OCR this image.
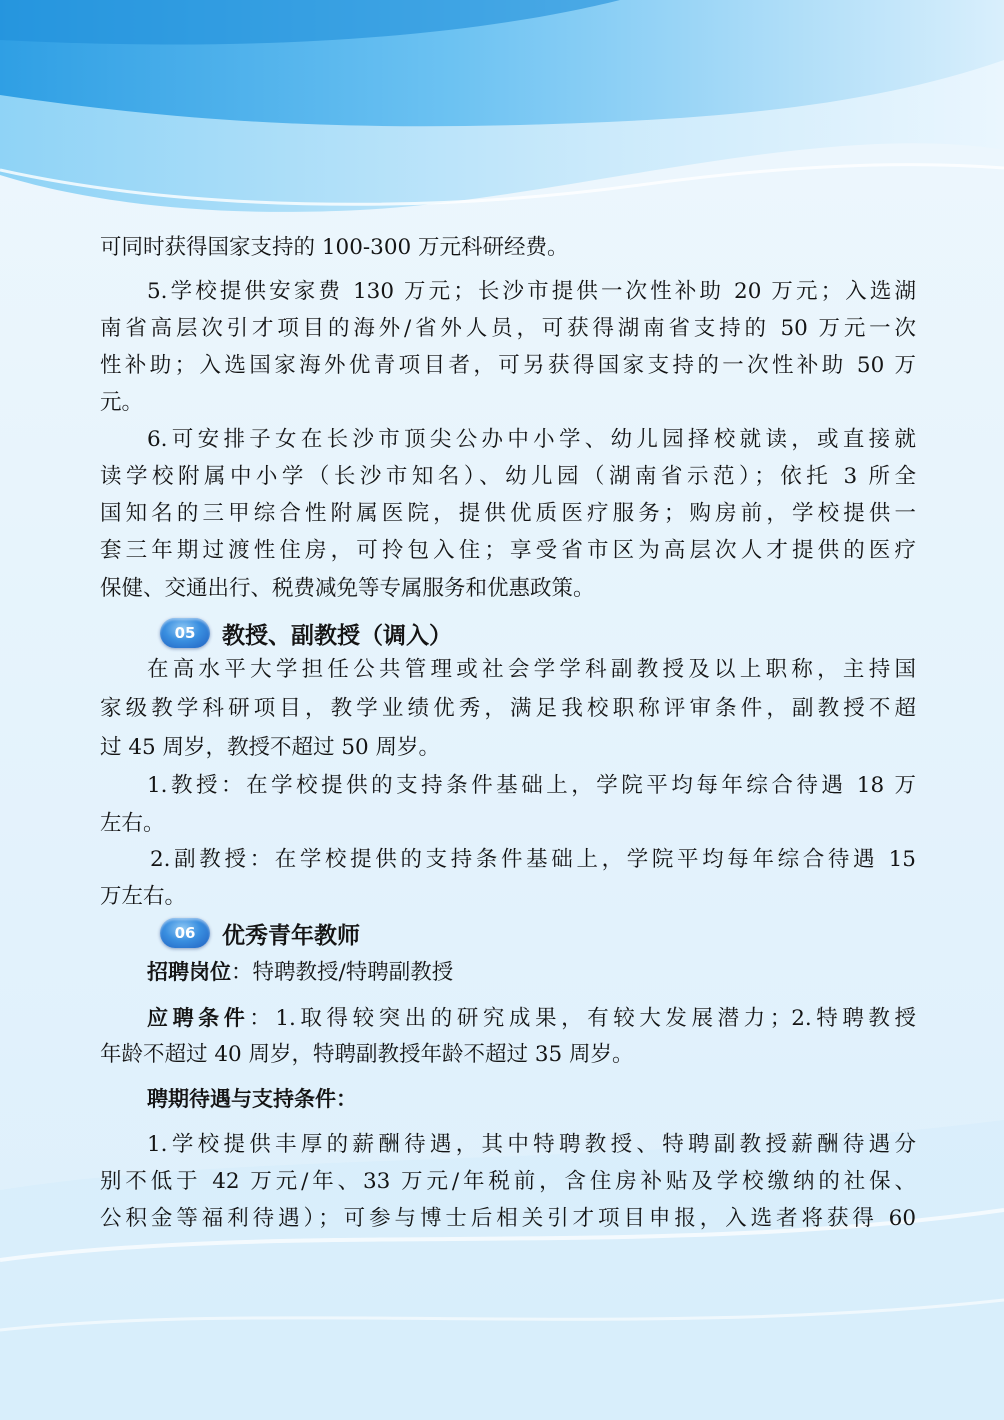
可同时获得国家支持的 100-300 万元科研经费。
5.学校提供安家费 130 万元；长沙市提供一次性补助 20 万元；入选湖
南省高层次引才项目的海外/省外人员，可获得湖南省支持的 50 万元一次
性补助；入选国家海外优青项目者，可另获得国家支持的一次性补助 50 万
元。
6.可安排子女在长沙市顶尖公办中小学、幼儿园择校就读，或直接就
读学校附属中小学（长沙市知名）、幼儿园（湖南省示范）；依托 3 所全
国知名的三甲综合性附属医院，提供优质医疗服务；购房前，学校提供一
套三年期过渡性住房，可拎包入住；享受省市区为高层次人才提供的医疗
保健、交通出行、税费减免等专属服务和优惠政策。
05	教授、副教授（调入）
在高水平大学担任公共管理或社会学学科副教授及以上职称，主持国
家级教学科研项目，教学业绩优秀，满足我校职称评审条件，副教授不超
过 45 周岁，教授不超过 50 周岁。
1.教授：在学校提供的支持条件基础上，学院平均每年综合待遇 18 万
左右。
2.副教授：在学校提供的支持条件基础上，学院平均每年综合待遇 15
万左右。
06	优秀青年教师
招聘岗位：特聘教授/特聘副教授
应聘条件：1.取得较突出的研究成果，有较大发展潜力；2.特聘教授
年龄不超过 40 周岁，特聘副教授年龄不超过 35 周岁。
聘期待遇与支持条件：
1.学校提供丰厚的薪酬待遇，其中特聘教授、特聘副教授薪酬待遇分
别不低于 42 万元/年、33 万元/年税前，含住房补贴及学校缴纳的社保、
公积金等福利待遇）；可参与博士后相关引才项目申报，入选者将获得 60
